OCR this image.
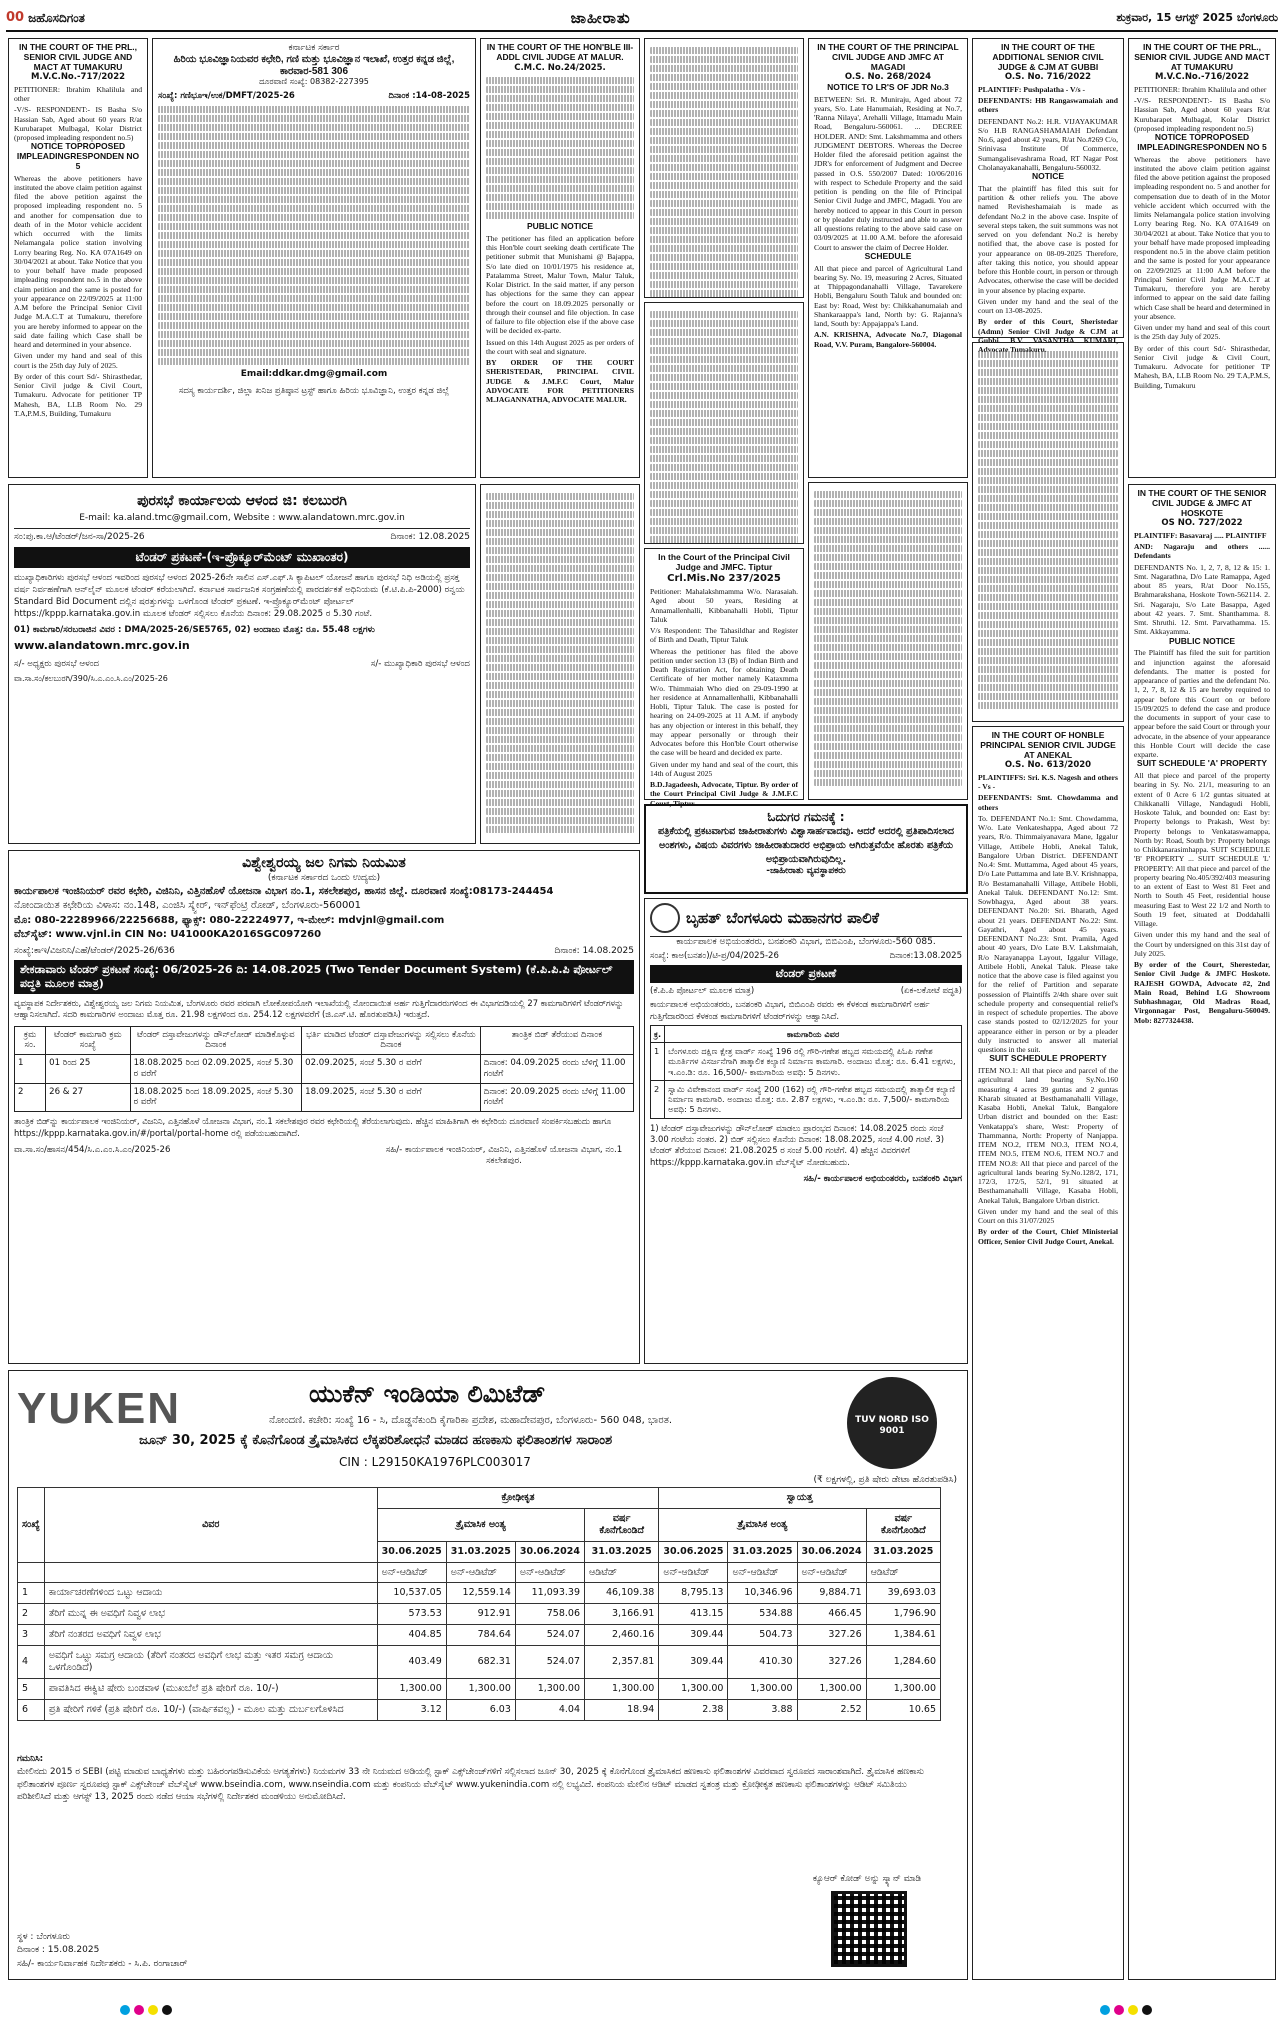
00 ಜಹೊಸದಿಗಂತ	ಜಾಹೀರಾತು	ಶುಕ್ರವಾರ, 15 ಆಗಸ್ಟ್ 2025 ಬೆಂಗಳೂರು
IN THE COURT OF THE PRL., SENIOR CIVIL JUDGE AND MACT AT TUMAKURU
M.V.C.No.-717/2022

PETITIONER: Ibrahim Khalilula and other

-V/S- RESPONDENT:- IS Basha S/o Hassian Sab, Aged about 60 years R/at Kurubarapet Mulbagal, Kolar District (proposed impleading respondent no.5)

NOTICE TOPROPOSED IMPLEADINGRESPONDEN NO 5

Whereas the above petitioners have instituted the above claim petition against filed the above petition against the proposed impleading respondent no. 5 and another for compensation due to death of in the Motor vehicle accident which occurred with the limits Nelamangala police station involving Lorry bearing Reg. No. KA 07A1649 on 30/04/2021 at about. Take Notice that you to your behalf have made proposed impleading respondent no.5 in the above claim petition and the same is posted for your appearance on 22/09/2025 at 11:00 A.M before the Principal Senior Civil Judge M.A.C.T at Tumakuru, therefore you are hereby informed to appear on the said date failing which Case shall be heard and determined in your absence.

Given under my hand and seal of this court is the 25th day July of 2025.

By order of this court Sd/- Shirasthedar, Senior Civil judge & Civil Court, Tumakuru. Advocate for petitioner TP Mahesh, BA, LLB Room No. 29 T.A,P.M.S, Building, Tumakuru

ಕರ್ನಾಟಕ ಸರ್ಕಾರ
ಹಿರಿಯ ಭೂವಿಜ್ಞಾನಿಯವರ ಕಛೇರಿ, ಗಣಿ ಮತ್ತು ಭೂವಿಜ್ಞಾನ ಇಲಾಖೆ, ಉತ್ತರ ಕನ್ನಡ ಜಿಲ್ಲೆ, ಕಾರವಾರ-581 306
ದೂರವಾಣಿ ಸಂಖ್ಯೆ: 08382-227395
ಸಂಖ್ಯೆ: ಗಣಿಭೂಇ/ಉಕ/DMFT/2025-26	ದಿನಾಂಕ :14-08-2025
Email:ddkar.dmg@gmail.com
ಸದಸ್ಯ ಕಾರ್ಯದರ್ಶಿ, ಜಿಲ್ಲಾ ಖನಿಜ ಪ್ರತಿಷ್ಠಾನ ಟ್ರಸ್ಟ್ ಹಾಗೂ ಹಿರಿಯ ಭೂವಿಜ್ಞಾನಿ, ಉತ್ತರ ಕನ್ನಡ ಜಿಲ್ಲೆ
IN THE COURT OF THE HON'BLE III-ADDL CIVIL JUDGE AT MALUR.
C.M.C. No.24/2025.
PUBLIC NOTICE

The petitioner has filed an application before this Hon'ble court seeking death certificate The petitioner submit that Munishami @ Bajappa, S/o late died on 10/01/1975 his residence at, Patalamma Street, Malur Town, Malur Taluk, Kolar District. In the said matter, if any person has objections for the same they can appear before the court on 18.09.2025 personally or through their counsel and file objection. In case of failure to file objection else if the above case will be decided ex-parte.

Issued on this 14th August 2025 as per orders of the court with seal and signature.

BY ORDER OF THE COURT SHERISTEDAR, PRINCIPAL CIVIL JUDGE & J.M.F.C Court, Malur ADVOCATE FOR PETITIONERS M.JAGANNATHA, ADVOCATE MALUR.

IN THE COURT OF THE PRINCIPAL CIVIL JUDGE AND JMFC AT MAGADI
O.S. No. 268/2024
NOTICE TO LR'S OF JDR No.3

BETWEEN: Sri. R. Muniraju, Aged about 72 years, S/o. Late Hanumaiah, Residing at No.7, 'Ranna Nilaya', Arehalli Village, Ittamadu Main Road, Bengaluru-560061. ... DECREE HOLDER. AND: Smt. Lakshmamma and others JUDGMENT DEBTORS. Whereas the Decree Holder filed the aforesaid petition against the JDR's for enforcement of Judgment and Decree passed in O.S. 550/2007 Dated: 10/06/2016 with respect to Schedule Property and the said petition is pending on the file of Principal Senior Civil Judge and JMFC, Magadi. You are hereby noticed to appear in this Court in person or by pleader duly instructed and able to answer all questions relating to the above said case on 03/09/2025 at 11.00 A.M. before the aforesaid Court to answer the claim of Decree Holder.

SCHEDULE

All that piece and parcel of Agricultural Land bearing Sy. No. 19, measuring 2 Acres, Situated at Thippagondanahalli Village, Tavarekere Hobli, Bengaluru South Taluk and bounded on: East by: Road, West by: Chikkahanumaiah and Shankaraappa's land, North by: G. Rajanna's land, South by: Appajappa's Land.

A.N. KRISHNA, Advocate No.7, Diagonal Road, V.V. Puram, Bangalore-560004.

IN THE COURT OF THE ADDITIONAL SENIOR CIVIL JUDGE & CJM AT GUBBI
O.S. No. 716/2022

PLAINTIFF: Pushpalatha - V/s -

DEFENDANTS: HB Rangaswamaiah and others

DEFENDANT No.2: H.R. VIJAYAKUMAR S/o H.B RANGASHAMAIAH Defendant No.6, aged about 42 years, R/at No.#269 C/o, Srinivasa Institute Of Commerce, Sumangalisevashrama Road, RT Nagar Post Cholanayakanahalli, Bengaluru-560032.

NOTICE

That the plaintiff has filed this suit for partition & other reliefs you. The above named Revisheshamaiah is made as defendant No.2 in the above case. Inspite of several steps taken, the suit summons was not served on you defendant No.2 is hereby notified that, the above case is posted for your appearance on 08-09-2025 Therefore, after taking this notice, you should appear before this Honble court, in person or through Advocates, otherwise the case will be decided in your absence by placing exparte.

Given under my hand and the seal of the court on 13-08-2025.

By order of this Court, Sheristedar (Admn) Senior Civil Judge & CJM at Gubbi. B.V. VASANTHA KUMARI, Advocate Tumakuru.

IN THE COURT OF THE PRL., SENIOR CIVIL JUDGE AND MACT AT TUMAKURU
M.V.C.No.-716/2022

PETITIONER: Ibrahim Khalilula and other

-V/S- RESPONDENT:- IS Basha S/o Hassian Sab, Aged about 60 years R/at Kurubarapet Mulbagal, Kolar District (proposed impleading respondent no.5)

NOTICE TOPROPOSED IMPLEADINGRESPONDEN NO 5

Whereas the above petitioners have instituted the above claim petition against filed the above petition against the proposed impleading respondent no. 5 and another for compensation due to death of in the Motor vehicle accident which occurred with the limits Nelamangala police station involving Lorry bearing Reg. No. KA 07A1649 on 30/04/2021 at about. Take Notice that you to your behalf have made proposed impleading respondent no.5 in the above claim petition and the same is posted for your appearance on 22/09/2025 at 11:00 A.M before the Principal Senior Civil Judge M.A.C.T at Tumakuru, therefore you are hereby informed to appear on the said date failing which Case shall be heard and determined in your absence.

Given under my hand and seal of this court is the 25th day July of 2025.

By order of this court Sd/- Shirasthedar, Senior Civil judge & Civil Court, Tumakuru. Advocate for petitioner TP Mahesh, BA, LLB Room No. 29 T.A,P.M.S, Building, Tumakuru

ಪುರಸಭೆ ಕಾರ್ಯಾಲಯ ಆಳಂದ ಜಿ: ಕಲಬುರಗಿ
E-mail: ka.aland.tmc@gmail.com, Website : www.alandatown.mrc.gov.in
ಸಂ:ಪು.ಕಾ.ಆ/ಟೆಂಡರ್/ಜನ-ಸಾ/2025-26	ದಿನಾಂಕ: 12.08.2025
ಟೆಂಡರ್ ಪ್ರಕಟಣೆ-(ಇ-ಪ್ರೊಕ್ಯೂರ್‌ಮೆಂಟ್ ಮುಖಾಂತರ)
ಮುಖ್ಯಾಧಿಕಾರಿಗಳು ಪುರಸಭೆ ಆಳಂದ ಇವರಿಂದ ಪುರಸಭೆ ಆಳಂದ 2025-26ನೇ ಸಾಲಿನ ಎಸ್.ಎಫ್.ಸಿ ಕ್ಯಾಪಿಟಲ್ ಯೋಜನೆ ಹಾಗೂ ಪುರಸಭೆ ನಿಧಿ ಅಡಿಯಲ್ಲಿ ಪ್ರಸಕ್ತ ವರ್ಷ ನಿರ್ವಹಣೆಗಾಗಿ ಆನ್‌ಲೈನ್ ಮೂಲಕ ಟೆಂಡರ್ ಕರೆಯಲಾಗಿದೆ. ಕರ್ನಾಟಕ ಸಾರ್ವಜನಿಕ ಸಂಗ್ರಹಣೆಯಲ್ಲಿ ಪಾರದರ್ಶಕತೆ ಅಧಿನಿಯಮ (ಕೆ.ಟಿ.ಪಿ.ಪಿ-2000) ರನ್ವಯ Standard Bid Document ದಲ್ಲಿನ ಷರತ್ತುಗಳನ್ನು ಒಳಗೊಂಡ ಟೆಂಡರ್ ಪ್ರಕಟಣೆ. ಇ-ಪ್ರೊಕ್ಯೂರ್‌ಮೆಂಟ್ ಪೋರ್ಟಲ್ https://kppp.karnataka.gov.in ಮೂಲಕ ಟೆಂಡರ್ ಸಲ್ಲಿಸಲು ಕೊನೆಯ ದಿನಾಂಕ: 29.08.2025 ರ 5.30 ಗಂಟೆ.
01) ಕಾಮಗಾರಿ/ಸರಬರಾಜಿನ ವಿವರ : DMA/2025-26/SE5765, 02) ಅಂದಾಜು ಮೊತ್ತ: ರೂ. 55.48 ಲಕ್ಷಗಳು
www.alandatown.mrc.gov.in
ಸ/- ಅಧ್ಯಕ್ಷರು ಪುರಸಭೆ ಆಳಂದ	ಸ/- ಮುಖ್ಯಾಧಿಕಾರಿ ಪುರಸಭೆ ಆಳಂದ
ವಾ.ಸಾ.ಸಂ/ಕಲಬುರಗಿ/390/ಸಿ.ಎ.ಎಂ.ಸಿ.ಎಂ/2025-26
In the Court of the Principal Civil Judge and JMFC. Tiptur
Crl.Mis.No 237/2025

Petitioner: Mahalakshmamma W/o. Narasaiah. Aged about 50 years, Residing at Annamallenhalli, Kibbanahalli Hobli, Tiptur Taluk

V/s Respondent: The Tahasildhar and Register of Birth and Death, Tiptur Taluk

Whereas the petitioner has filed the above petition under section 13 (B) of Indian Birth and Death Registration Act, for obtaining Death Certificate of her mother namely Kataxmma W/o. Thimmaiah Who died on 29-09-1990 at her residence at Annamallenhalli, Kibbanahalli Hobli, Tiptur Taluk. The case is posted for hearing on 24-09-2025 at 11 A.M. if anybody has any objection or interest in this behalf, they may appear personally or through their Advocates before this Hon'ble Court otherwise the case will be heard and decided ex parte.

Given under my hand and seal of the court, this 14th of August 2025

B.D.Jagadeesh, Advocate, Tiptur. By order of the Court Principal Civil Judge & J.M.F.C Court, Tiptur

ಓದುಗರ ಗಮನಕ್ಕೆ :
ಪತ್ರಿಕೆಯಲ್ಲಿ ಪ್ರಕಟವಾಗುವ ಜಾಹೀರಾತುಗಳು ವಿಶ್ವಾಸಾರ್ಹವಾದವು. ಆದರೆ ಅದರಲ್ಲಿ ಪ್ರತಿಪಾದಿಸಲಾದ ಅಂಶಗಳು, ವಿಷಯ ವಿವರಗಳು ಜಾಹೀರಾತುದಾರರ ಅಭಿಪ್ರಾಯ ಆಗಿರುತ್ತವೆಯೇ ಹೊರತು ಪತ್ರಿಕೆಯ ಅಭಿಪ್ರಾಯವಾಗಿರುವುದಿಲ್ಲ.
-ಜಾಹೀರಾತು ವ್ಯವಸ್ಥಾಪಕರು
ವಿಶ್ವೇಶ್ವರಯ್ಯ ಜಲ ನಿಗಮ ನಿಯಮಿತ
(ಕರ್ನಾಟಕ ಸರ್ಕಾರದ ಒಂದು ಉದ್ಯಮ)
ಕಾರ್ಯಪಾಲಕ ಇಂಜಿನಿಯರ್ ರವರ ಕಛೇರಿ, ವಿಜಿನಿನಿ, ವಿತ್ತಿನಹೊಳೆ ಯೋಜನಾ ವಿಭಾಗ ನಂ.1, ಸಕಲೇಶಪುರ, ಹಾಸನ ಜಿಲ್ಲೆ. ದೂರವಾಣಿ ಸಂಖ್ಯೆ:08173-244454
ನೋಂದಾಯಿತ ಕಛೇರಿಯ ವಿಳಾಸ: ನಂ.148, ಎಂಜಿಸಿ ಸ್ಕ್ವೇರ್, ಇನ್‌ಫೆಂಟ್ರಿ ರೋಡ್, ಬೆಂಗಳೂರು-560001
ಮೊ: 080-22289966/22256688, ಫ್ಯಾಕ್ಸ್: 080-22224977, ಇ-ಮೇಲ್: mdvjnl@gmail.com
ವೆಬ್‌ಸೈಟ್: www.vjnl.in CIN No: U41000KA2016SGC097260
ಸಂಖ್ಯೆ:ಕಾಇ/ವಿಜನಿನಿ/ಎಹೆ/ಟೆಂಡರ್/2025-26/636	ದಿನಾಂಕ: 14.08.2025
ಶೇಕಡಾವಾರು ಟೆಂಡರ್ ಪ್ರಕಟಣೆ ಸಂಖ್ಯೆ: 06/2025-26 ದಿ: 14.08.2025 (Two Tender Document System) (ಕೆ.ಪಿ.ಪಿ.ಪಿ ಪೋರ್ಟಲ್ ಪದ್ಧತಿ ಮೂಲಕ ಮಾತ್ರ)
ವ್ಯವಸ್ಥಾಪಕ ನಿರ್ದೇಶಕರು, ವಿಶ್ವೇಶ್ವರಯ್ಯ ಜಲ ನಿಗಮ ನಿಯಮಿತ, ಬೆಂಗಳೂರು ರವರ ಪರವಾಗಿ ಲೋಕೋಪಯೋಗಿ ಇಲಾಖೆಯಲ್ಲಿ ನೋಂದಾಯಿತ ಅರ್ಹ ಗುತ್ತಿಗೆದಾರರುಗಳಿಂದ ಈ ವಿಭಾಗದಡಿಯಲ್ಲಿ 27 ಕಾಮಗಾರಿಗಳಿಗೆ ಟೆಂಡರ್‌ಗಳನ್ನು ಆಹ್ವಾನಿಸಲಾಗಿದೆ. ಸದರಿ ಕಾಮಗಾರಿಗಳ ಅಂದಾಜು ಮೊತ್ತ ರೂ. 21.98 ಲಕ್ಷಗಳಿಂದ ರೂ. 254.12 ಲಕ್ಷಗಳವರೆಗೆ (ಜಿ.ಎಸ್.ಟಿ. ಹೊರತುಪಡಿಸಿ) ಇರುತ್ತದೆ.
ಕ್ರಮ ಸಂ.	ಟೆಂಡರ್ ಕಾಮಗಾರಿ ಕ್ರಮ ಸಂಖ್ಯೆ	ಟೆಂಡರ್ ದಸ್ತಾವೇಜುಗಳನ್ನು ಡೌನ್‌ಲೋಡ್ ಮಾಡಿಕೊಳ್ಳುವ ದಿನಾಂಕ	ಭರ್ತಿ ಮಾಡಿದ ಟೆಂಡರ್ ದಸ್ತಾವೇಜುಗಳನ್ನು ಸಲ್ಲಿಸಲು ಕೊನೆಯ ದಿನಾಂಕ	ತಾಂತ್ರಿಕ ಬಿಡ್ ತೆರೆಯುವ ದಿನಾಂಕ
1	01 ರಿಂದ 25	18.08.2025 ರಿಂದ 02.09.2025, ಸಂಜೆ 5.30 ರ ವರೆಗೆ	02.09.2025, ಸಂಜೆ 5.30 ರ ವರೆಗೆ	ದಿನಾಂಕ: 04.09.2025 ರಂದು ಬೆಳಿಗ್ಗೆ 11.00 ಗಂಟೆಗೆ
2	26 & 27	18.08.2025 ರಿಂದ 18.09.2025, ಸಂಜೆ 5.30 ರ ವರೆಗೆ	18.09.2025, ಸಂಜೆ 5.30 ರ ವರೆಗೆ	ದಿನಾಂಕ: 20.09.2025 ರಂದು ಬೆಳಿಗ್ಗೆ 11.00 ಗಂಟೆಗೆ
ತಾಂತ್ರಿಕ ಬಿಡ್‌ನ್ನು ಕಾರ್ಯಪಾಲಕ ಇಂಜಿನಿಯರ್, ವಿಜನಿನಿ, ಎತ್ತಿನಹೊಳೆ ಯೋಜನಾ ವಿಭಾಗ, ನಂ.1 ಸಕಲೇಶಪುರ ರವರ ಕಛೇರಿಯಲ್ಲಿ ತೆರೆಯಲಾಗುವುದು. ಹೆಚ್ಚಿನ ಮಾಹಿತಿಗಾಗಿ ಈ ಕಛೇರಿಯ ದೂರವಾಣಿ ಸಂಪರ್ಕಿಸಬಹುದು ಹಾಗೂ https://kppp.karnataka.gov.in/#/portal/portal-home ರಲ್ಲಿ ಪಡೆಯಬಹುದಾಗಿದೆ.
ವಾ.ಸಾ.ಸಂ/ಹಾಸನ/454/ಸಿ.ಎ.ಎಂ.ಸಿ.ಎಂ/2025-26	ಸಹಿ/- ಕಾರ್ಯಪಾಲಕ ಇಂಜಿನಿಯರ್, ವಿಜನಿನಿ, ಎತ್ತಿನಹೊಳೆ ಯೋಜನಾ ವಿಭಾಗ, ನಂ.1 ಸಕಲೇಶಪುರ.
ಬೃಹತ್ ಬೆಂಗಳೂರು ಮಹಾನಗರ ಪಾಲಿಕೆ
ಕಾರ್ಯಪಾಲಕ ಅಭಿಯಂತರರು, ಬನಶಂಕರಿ ವಿಭಾಗ, ಬಿಬಿಎಂಪಿ, ಬೆಂಗಳೂರು-560 085.
ಸಂಖ್ಯೆ: ಕಾಅ(ಬನಶಂ)/ಟಿ-ಪ್ರ/04/2025-26	ದಿನಾಂಕ:13.08.2025
ಟೆಂಡರ್ ಪ್ರಕಟಣೆ
(ಕೆ.ಪಿ.ಪಿ ಪೋರ್ಟಲ್ ಮೂಲಕ ಮಾತ್ರ)	(ಏಕ-ಲಕೋಟೆ ಪದ್ಧತಿ)
ಕಾರ್ಯಪಾಲಕ ಅಭಿಯಂತರರು, ಬನಶಂಕರಿ ವಿಭಾಗ, ಬಿಬಿಎಂಪಿ ರವರು ಈ ಕೆಳಕಂಡ ಕಾಮಗಾರಿಗಳಿಗೆ ಅರ್ಹ ಗುತ್ತಿಗೆದಾರರಿಂದ ಕೆಳಕಂಡ ಕಾಮಗಾರಿಗಳಿಗೆ ಟೆಂಡರ್‌ಗಳನ್ನು ಆಹ್ವಾನಿಸಿದೆ.
ಕ್ರ.	ಕಾಮಗಾರಿಯ ವಿವರ
1	ಬೆಂಗಳೂರು ದಕ್ಷಿಣ ಕ್ಷೇತ್ರ ವಾರ್ಡ್ ಸಂಖ್ಯೆ 196 ರಲ್ಲಿ ಗೌರಿ-ಗಣೇಶ ಹಬ್ಬದ ಸಮಯದಲ್ಲಿ ಪಿಓಪಿ ಗಣೇಶ ಮೂರ್ತಿಗಳ ವಿಸರ್ಜನೆಗಾಗಿ ತಾತ್ಕಾಲಿಕ ಕಲ್ಯಾಣಿ ನಿರ್ಮಾಣ ಕಾಮಗಾರಿ. ಅಂದಾಜು ಮೊತ್ತ: ರೂ. 6.41 ಲಕ್ಷಗಳು, ಇ.ಎಂ.ಡಿ: ರೂ. 16,500/- ಕಾಮಗಾರಿಯ ಅವಧಿ: 5 ದಿನಗಳು.
2	ಸ್ವಾಮಿ ವಿವೇಕಾನಂದ ವಾರ್ಡ್ ಸಂಖ್ಯೆ 200 (162) ರಲ್ಲಿ ಗೌರಿ-ಗಣೇಶ ಹಬ್ಬದ ಸಮಯದಲ್ಲಿ ತಾತ್ಕಾಲಿಕ ಕಲ್ಯಾಣಿ ನಿರ್ಮಾಣ ಕಾಮಗಾರಿ. ಅಂದಾಜು ಮೊತ್ತ: ರೂ. 2.87 ಲಕ್ಷಗಳು, ಇ.ಎಂ.ಡಿ: ರೂ. 7,500/- ಕಾಮಗಾರಿಯ ಅವಧಿ: 5 ದಿನಗಳು.
1) ಟೆಂಡರ್ ದಸ್ತಾವೇಜುಗಳನ್ನು ಡೌನ್‌ಲೋಡ್ ಮಾಡಲು ಪ್ರಾರಂಭದ ದಿನಾಂಕ: 14.08.2025 ರಂದು ಸಂಜೆ 3.00 ಗಂಟೆಯ ನಂತರ. 2) ಬಿಡ್ ಸಲ್ಲಿಸಲು ಕೊನೆಯ ದಿನಾಂಕ: 18.08.2025, ಸಂಜೆ 4.00 ಗಂಟೆ. 3) ಟೆಂಡರ್ ತೆರೆಯುವ ದಿನಾಂಕ: 21.08.2025 ರ ಸಂಜೆ 5.00 ಗಂಟೆಗೆ. 4) ಹೆಚ್ಚಿನ ವಿವರಗಳಿಗೆ https://kppp.karnataka.gov.in ವೆಬ್‌ಸೈಟ್ ನೋಡಬಹುದು.
ಸಹಿ/- ಕಾರ್ಯಪಾಲಕ ಅಭಿಯಂತರರು, ಬನಶಂಕರಿ ವಿಭಾಗ
IN THE COURT OF HONBLE PRINCIPAL SENIOR CIVIL JUDGE AT ANEKAL
O.S. No. 613/2020

PLAINTIFFS: Sri. K.S. Nagesh and others - Vs -

DEFENDANTS: Smt. Chowdamma and others

To. DEFENDANT No.1: Smt. Chowdamma, W/o. Late Venkateshappa, Aged about 72 years, R/o. Thimmaiyanavara Mane, Iggalur Village, Attibele Hobli, Anekal Taluk, Bangalore Urban District. DEFENDANT No.4: Smt. Muttamma, Aged about 45 years, D/o Late Puttamma and late B.V. Krishnappa, R/o Bestamanahalli Village, Attibele Hobli, Anekal Taluk. DEFENDANT No.12: Smt. Sowbhagya, Aged about 38 years. DEFENDANT No.20: Sri. Bharath, Aged about 21 years. DEFENDANT No.22: Smt. Gayathri, Aged about 45 years. DEFENDANT No.23: Smt. Pramila, Aged about 40 years, D/o Late B.V. Lakshmaiah, R/o Narayanappa Layout, Iggalur Village, Attibele Hobli, Anekal Taluk. Please take notice that the above case is filed against you for the relief of Partition and separate possession of Plaintiffs 2/4th share over suit schedule property and consequential relief's in respect of schedule properties. The above case stands posted to 02/12/2025 for your appearance either in person or by a pleader duly instructed to answer all material questions in the suit.

SUIT SCHEDULE PROPERTY

ITEM NO.1: All that piece and parcel of the agricultural land bearing Sy.No.160 measuring 4 acres 39 guntas and 2 guntas Kharab situated at Besthamanahalli Village, Kasaba Hobli, Anekal Taluk, Bangalore Urban district and bounded on the: East: Venkatappa's share, West: Property of Thammanna, North: Property of Nanjappa. ITEM NO.2, ITEM NO.3, ITEM NO.4, ITEM NO.5, ITEM NO.6, ITEM NO.7 and ITEM NO.8: All that piece and parcel of the agricultural lands bearing Sy.No.128/2, 171, 172/3, 172/5, 52/1, 91 situated at Besthamanahalli Village, Kasaba Hobli, Anekal Taluk, Bangalore Urban district.

Given under my hand and the seal of this Court on this 31/07/2025

By order of the Court, Chief Ministerial Officer, Senior Civil Judge Court, Anekal.

IN THE COURT OF THE SENIOR CIVIL JUDGE & JMFC AT HOSKOTE
OS NO. 727/2022

PLAINTIFF: Basavaraj ..... PLAINTIFF

AND: Nagaraju and others ...... Defendants

DEFENDANTS No. 1, 2, 7, 8, 12 & 15: 1. Smt. Nagarathna, D/o Late Ramappa, Aged about 85 years, R/at Door No.155, Brahmarakshana, Hoskote Town-562114. 2. Sri. Nagaraju, S/o Late Basappa, Aged about 42 years. 7. Smt. Shanthamma. 8. Smt. Shruthi. 12. Smt. Parvathamma. 15. Smt. Akkayamma.

PUBLIC NOTICE

The Plaintiff has filed the suit for partition and injunction against the aforesaid defendants. The matter is posted for appearance of parties and the defendant No. 1, 2, 7, 8, 12 & 15 are hereby required to appear before this Court on or before 15/09/2025 to defend the case and produce the documents in support of your case to appear before the said Court or through your advocate, in the absence of your appearance this Honble Court will decide the case exparte.

SUIT SCHEDULE 'A' PROPERTY

All that piece and parcel of the property bearing in Sy. No. 21/1, measuring to an extent of 0 Acre 6 1/2 guntas situated at Chikkanalli Village, Nandagudi Hobli, Hoskote Taluk, and bounded on: East by: Property belongs to Prakash, West by: Property belongs to Venkataswamappa, North by: Road, South by: Property belongs to Chikkanarasimhappa. SUIT SCHEDULE 'B' PROPERTY ... SUIT SCHEDULE 'L' PROPERTY: All that piece and parcel of the property bearing No.405/392/403 measuring to an extent of East to West 81 Feet and North to South 45 Feet, residential house measuring East to West 22 1/2 and North to South 19 feet, situated at Doddahalli Village.

Given under this my hand and the seal of the Court by undersigned on this 31st day of July 2025.

By order of the Court, Sherestedar, Senior Civil Judge & JMFC Hoskote. RAJESH GOWDA, Advocate #2, 2nd Main Road, Behind LG Showroom Subhashnagar, Old Madras Road, Virgonnagar Post, Bengaluru-560049. Mob: 8277324438.

YUKEN	ಯುಕೆನ್ ಇಂಡಿಯಾ ಲಿಮಿಟೆಡ್
ನೋಂದಣಿ. ಕಚೇರಿ: ಸಂಖ್ಯೆ 16 - ಸಿ, ದೊಡ್ಡನೆಕುಂದಿ ಕೈಗಾರಿಕಾ ಪ್ರದೇಶ, ಮಹಾದೇವಪುರ, ಬೆಂಗಳೂರು- 560 048, ಭಾರತ.
ಜೂನ್ 30, 2025 ಕ್ಕೆ ಕೊನೆಗೊಂಡ ತ್ರೈಮಾಸಿಕದ ಲೆಕ್ಕಪರಿಶೋಧನೆ ಮಾಡದ ಹಣಕಾಸು ಫಲಿತಾಂಶಗಳ ಸಾರಾಂಶ
CIN : L29150KA1976PLC003017
TUV NORD ISO 9001
(₹ ಲಕ್ಷಗಳಲ್ಲಿ, ಪ್ರತಿ ಷೇರು ಡೇಟಾ ಹೊರತುಪಡಿಸಿ)
ಸಂಖ್ಯೆ	ವಿವರ	ಕ್ರೋಢೀಕೃತ				ಸ್ವಾಯತ್ತ			
		ತ್ರೈಮಾಸಿಕ ಅಂತ್ಯ			ವರ್ಷ ಕೊನೆಗೊಂಡಿದೆ	ತ್ರೈಮಾಸಿಕ ಅಂತ್ಯ			ವರ್ಷ ಕೊನೆಗೊಂಡಿದೆ
		30.06.2025	31.03.2025	30.06.2024	31.03.2025	30.06.2025	31.03.2025	30.06.2024	31.03.2025
		ಅನ್-ಆಡಿಟೆಡ್	ಅನ್-ಆಡಿಟೆಡ್	ಅನ್-ಆಡಿಟೆಡ್	ಆಡಿಟೆಡ್	ಅನ್-ಆಡಿಟೆಡ್	ಅನ್-ಆಡಿಟೆಡ್	ಅನ್-ಆಡಿಟೆಡ್	ಆಡಿಟೆಡ್
1	ಕಾರ್ಯಾಚರಣೆಗಳಿಂದ ಒಟ್ಟು ಆದಾಯ	10,537.05	12,559.14	11,093.39	46,109.38	8,795.13	10,346.96	9,884.71	39,693.03
2	ತೆರಿಗೆ ಮುನ್ನ ಈ ಅವಧಿಗೆ ನಿವ್ವಳ ಲಾಭ	573.53	912.91	758.06	3,166.91	413.15	534.88	466.45	1,796.90
3	ತೆರಿಗೆ ನಂತರದ ಅವಧಿಗೆ ನಿವ್ವಳ ಲಾಭ	404.85	784.64	524.07	2,460.16	309.44	504.73	327.26	1,384.61
4	ಅವಧಿಗೆ ಒಟ್ಟು ಸಮಗ್ರ ಆದಾಯ (ತೆರಿಗೆ ನಂತರದ ಅವಧಿಗೆ ಲಾಭ ಮತ್ತು ಇತರ ಸಮಗ್ರ ಆದಾಯ ಒಳಗೊಂಡಿದೆ)	403.49	682.31	524.07	2,357.81	309.44	410.30	327.26	1,284.60
5	ಪಾವತಿಸಿದ ಈಕ್ವಿಟಿ ಷೇರು ಬಂಡವಾಳ (ಮುಖಬೆಲೆ ಪ್ರತಿ ಷೇರಿಗೆ ರೂ. 10/-)	1,300.00	1,300.00	1,300.00	1,300.00	1,300.00	1,300.00	1,300.00	1,300.00
6	ಪ್ರತಿ ಷೇರಿಗೆ ಗಳಿಕೆ (ಪ್ರತಿ ಷೇರಿಗೆ ರೂ. 10/-) (ವಾರ್ಷಿಕವಲ್ಲ) - ಮೂಲ ಮತ್ತು ದುರ್ಬಲಗೊಳಿಸಿದ	3.12	6.03	4.04	18.94	2.38	3.88	2.52	10.65
ಗಮನಿಸಿ:
ಮೇಲಿನದು 2015 ರ SEBI (ಪಟ್ಟಿ ಮಾಡುವ ಬಾಧ್ಯತೆಗಳು ಮತ್ತು ಬಹಿರಂಗಪಡಿಸುವಿಕೆಯ ಅಗತ್ಯತೆಗಳು) ನಿಯಮಗಳ 33 ನೇ ನಿಯಮದ ಅಡಿಯಲ್ಲಿ ಸ್ಟಾಕ್ ಎಕ್ಸ್‌ಚೇಂಜ್‌ಗಳಿಗೆ ಸಲ್ಲಿಸಲಾದ ಜೂನ್ 30, 2025 ಕ್ಕೆ ಕೊನೆಗೊಂಡ ತ್ರೈಮಾಸಿಕದ ಹಣಕಾಸು ಫಲಿತಾಂಶಗಳ ವಿವರವಾದ ಸ್ವರೂಪದ ಸಾರಾಂಶವಾಗಿದೆ. ತ್ರೈಮಾಸಿಕ ಹಣಕಾಸು ಫಲಿತಾಂಶಗಳ ಪೂರ್ಣ ಸ್ವರೂಪವು ಸ್ಟಾಕ್ ಎಕ್ಸ್‌ಚೇಂಜ್ ವೆಬ್‌ಸೈಟ್ www.bseindia.com, www.nseindia.com ಮತ್ತು ಕಂಪನಿಯ ವೆಬ್‌ಸೈಟ್ www.yukenindia.com ನಲ್ಲಿ ಲಭ್ಯವಿದೆ. ಕಂಪನಿಯ ಮೇಲಿನ ಆಡಿಟ್ ಮಾಡದ ಸ್ವತಂತ್ರ ಮತ್ತು ಕ್ರೋಢೀಕೃತ ಹಣಕಾಸು ಫಲಿತಾಂಶಗಳನ್ನು ಆಡಿಟ್ ಸಮಿತಿಯು ಪರಿಶೀಲಿಸಿದೆ ಮತ್ತು ಆಗಸ್ಟ್ 13, 2025 ರಂದು ನಡೆದ ಆಯಾ ಸಭೆಗಳಲ್ಲಿ ನಿರ್ದೇಶಕರ ಮಂಡಳಿಯು ಅನುಮೋದಿಸಿದೆ.
ಸ್ಥಳ : ಬೆಂಗಳೂರು
ದಿನಾಂಕ : 15.08.2025
ಸಹಿ/- ಕಾರ್ಯನಿರ್ವಾಹಕ ನಿರ್ದೇಶಕರು - ಸಿ.ಪಿ. ರಂಗಾಚಾರ್
ಕ್ಯೂಆರ್ ಕೋಡ್ ಅನ್ನು ಸ್ಕ್ಯಾನ್ ಮಾಡಿ
